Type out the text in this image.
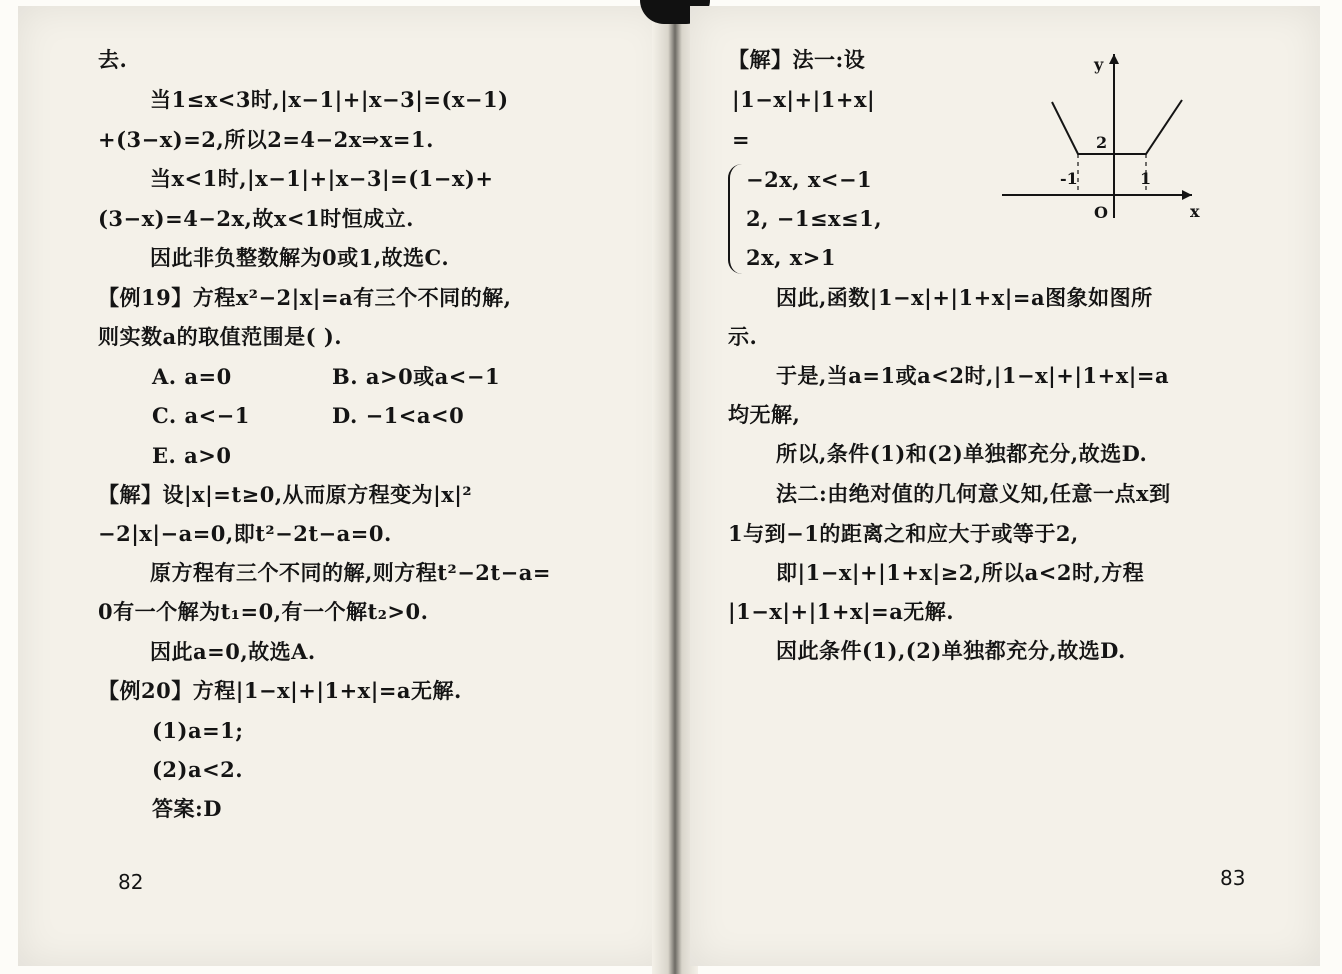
去.
当1≤x<3时,|x−1|+|x−3|=(x−1)
+(3−x)=2,所以2=4−2x⇒x=1.
当x<1时,|x−1|+|x−3|=(1−x)+
(3−x)=4−2x,故x<1时恒成立.
因此非负整数解为0或1,故选C.
【例19】方程x²−2|x|=a有三个不同的解,
则实数a的取值范围是( ).
A. a=0	B. a>0或a<−1
C. a<−1	D. −1<a<0
E. a>0
【解】设|x|=t≥0,从而原方程变为|x|²
−2|x|−a=0,即t²−2t−a=0.
原方程有三个不同的解,则方程t²−2t−a=
0有一个解为t₁=0,有一个解t₂>0.
因此a=0,故选A.
【例20】方程|1−x|+|1+x|=a无解.
(1)a=1;
(2)a<2.
答案:D
82
【解】法一:设
|1−x|+|1+x|
=
−2x, x<−1
2, −1≤x≤1,
2x, x>1
y
x
O
2
-1	1
因此,函数|1−x|+|1+x|=a图象如图所
示.
于是,当a=1或a<2时,|1−x|+|1+x|=a
均无解,
所以,条件(1)和(2)单独都充分,故选D.
法二:由绝对值的几何意义知,任意一点x到
1与到−1的距离之和应大于或等于2,
即|1−x|+|1+x|≥2,所以a<2时,方程
|1−x|+|1+x|=a无解.
因此条件(1),(2)单独都充分,故选D.
83
